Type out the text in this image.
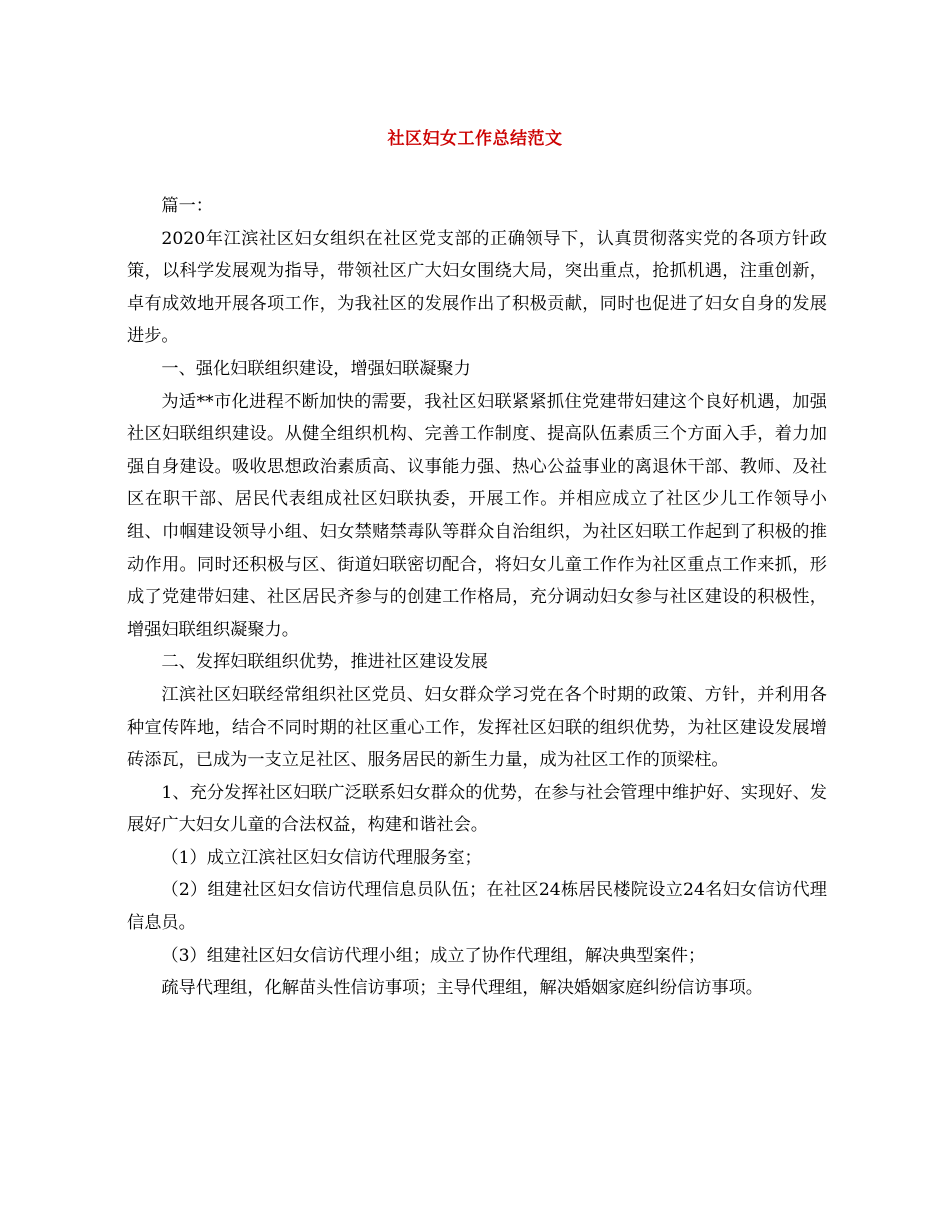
社区妇女工作总结范文

篇一：

2020年江滨社区妇女组织在社区党支部的正确领导下，认真贯彻落实党的各项方针政策，以科学发展观为指导，带领社区广大妇女围绕大局，突出重点，抢抓机遇，注重创新，卓有成效地开展各项工作，为我社区的发展作出了积极贡献，同时也促进了妇女自身的发展进步。

一、强化妇联组织建设，增强妇联凝聚力

为适**市化进程不断加快的需要，我社区妇联紧紧抓住党建带妇建这个良好机遇，加强社区妇联组织建设。从健全组织机构、完善工作制度、提高队伍素质三个方面入手，着力加强自身建设。吸收思想政治素质高、议事能力强、热心公益事业的离退休干部、教师、及社区在职干部、居民代表组成社区妇联执委，开展工作。并相应成立了社区少儿工作领导小组、巾帼建设领导小组、妇女禁赌禁毒队等群众自治组织，为社区妇联工作起到了积极的推动作用。同时还积极与区、街道妇联密切配合，将妇女儿童工作作为社区重点工作来抓，形成了党建带妇建、社区居民齐参与的创建工作格局，充分调动妇女参与社区建设的积极性，增强妇联组织凝聚力。

二、发挥妇联组织优势，推进社区建设发展

江滨社区妇联经常组织社区党员、妇女群众学习党在各个时期的政策、方针，并利用各种宣传阵地，结合不同时期的社区重心工作，发挥社区妇联的组织优势，为社区建设发展增砖添瓦，已成为一支立足社区、服务居民的新生力量，成为社区工作的顶梁柱。

1、充分发挥社区妇联广泛联系妇女群众的优势，在参与社会管理中维护好、实现好、发展好广大妇女儿童的合法权益，构建和谐社会。

（1）成立江滨社区妇女信访代理服务室；

（2）组建社区妇女信访代理信息员队伍；在社区24栋居民楼院设立24名妇女信访代理信息员。

（3）组建社区妇女信访代理小组；成立了协作代理组，解决典型案件；

疏导代理组，化解苗头性信访事项；主导代理组，解决婚姻家庭纠纷信访事项。
